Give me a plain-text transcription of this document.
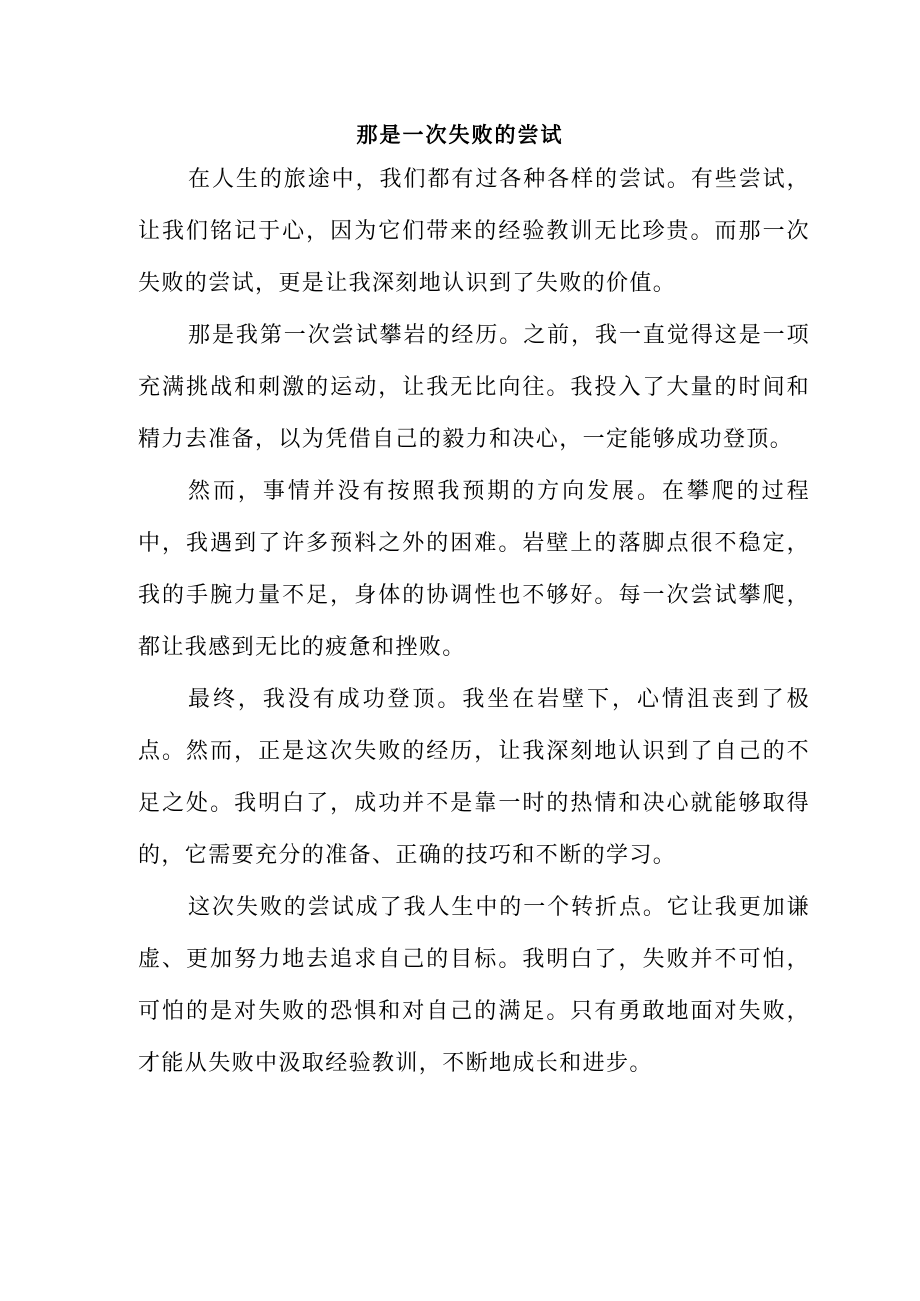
那是一次失败的尝试

在人生的旅途中，我们都有过各种各样的尝试。有些尝试，让我们铭记于心，因为它们带来的经验教训无比珍贵。而那一次失败的尝试，更是让我深刻地认识到了失败的价值。

那是我第一次尝试攀岩的经历。之前，我一直觉得这是一项充满挑战和刺激的运动，让我无比向往。我投入了大量的时间和精力去准备，以为凭借自己的毅力和决心，一定能够成功登顶。

然而，事情并没有按照我预期的方向发展。在攀爬的过程中，我遇到了许多预料之外的困难。岩壁上的落脚点很不稳定，我的手腕力量不足，身体的协调性也不够好。每一次尝试攀爬，都让我感到无比的疲惫和挫败。

最终，我没有成功登顶。我坐在岩壁下，心情沮丧到了极点。然而，正是这次失败的经历，让我深刻地认识到了自己的不足之处。我明白了，成功并不是靠一时的热情和决心就能够取得的，它需要充分的准备、正确的技巧和不断的学习。

这次失败的尝试成了我人生中的一个转折点。它让我更加谦虚、更加努力地去追求自己的目标。我明白了，失败并不可怕，可怕的是对失败的恐惧和对自己的满足。只有勇敢地面对失败，才能从失败中汲取经验教训，不断地成长和进步。
